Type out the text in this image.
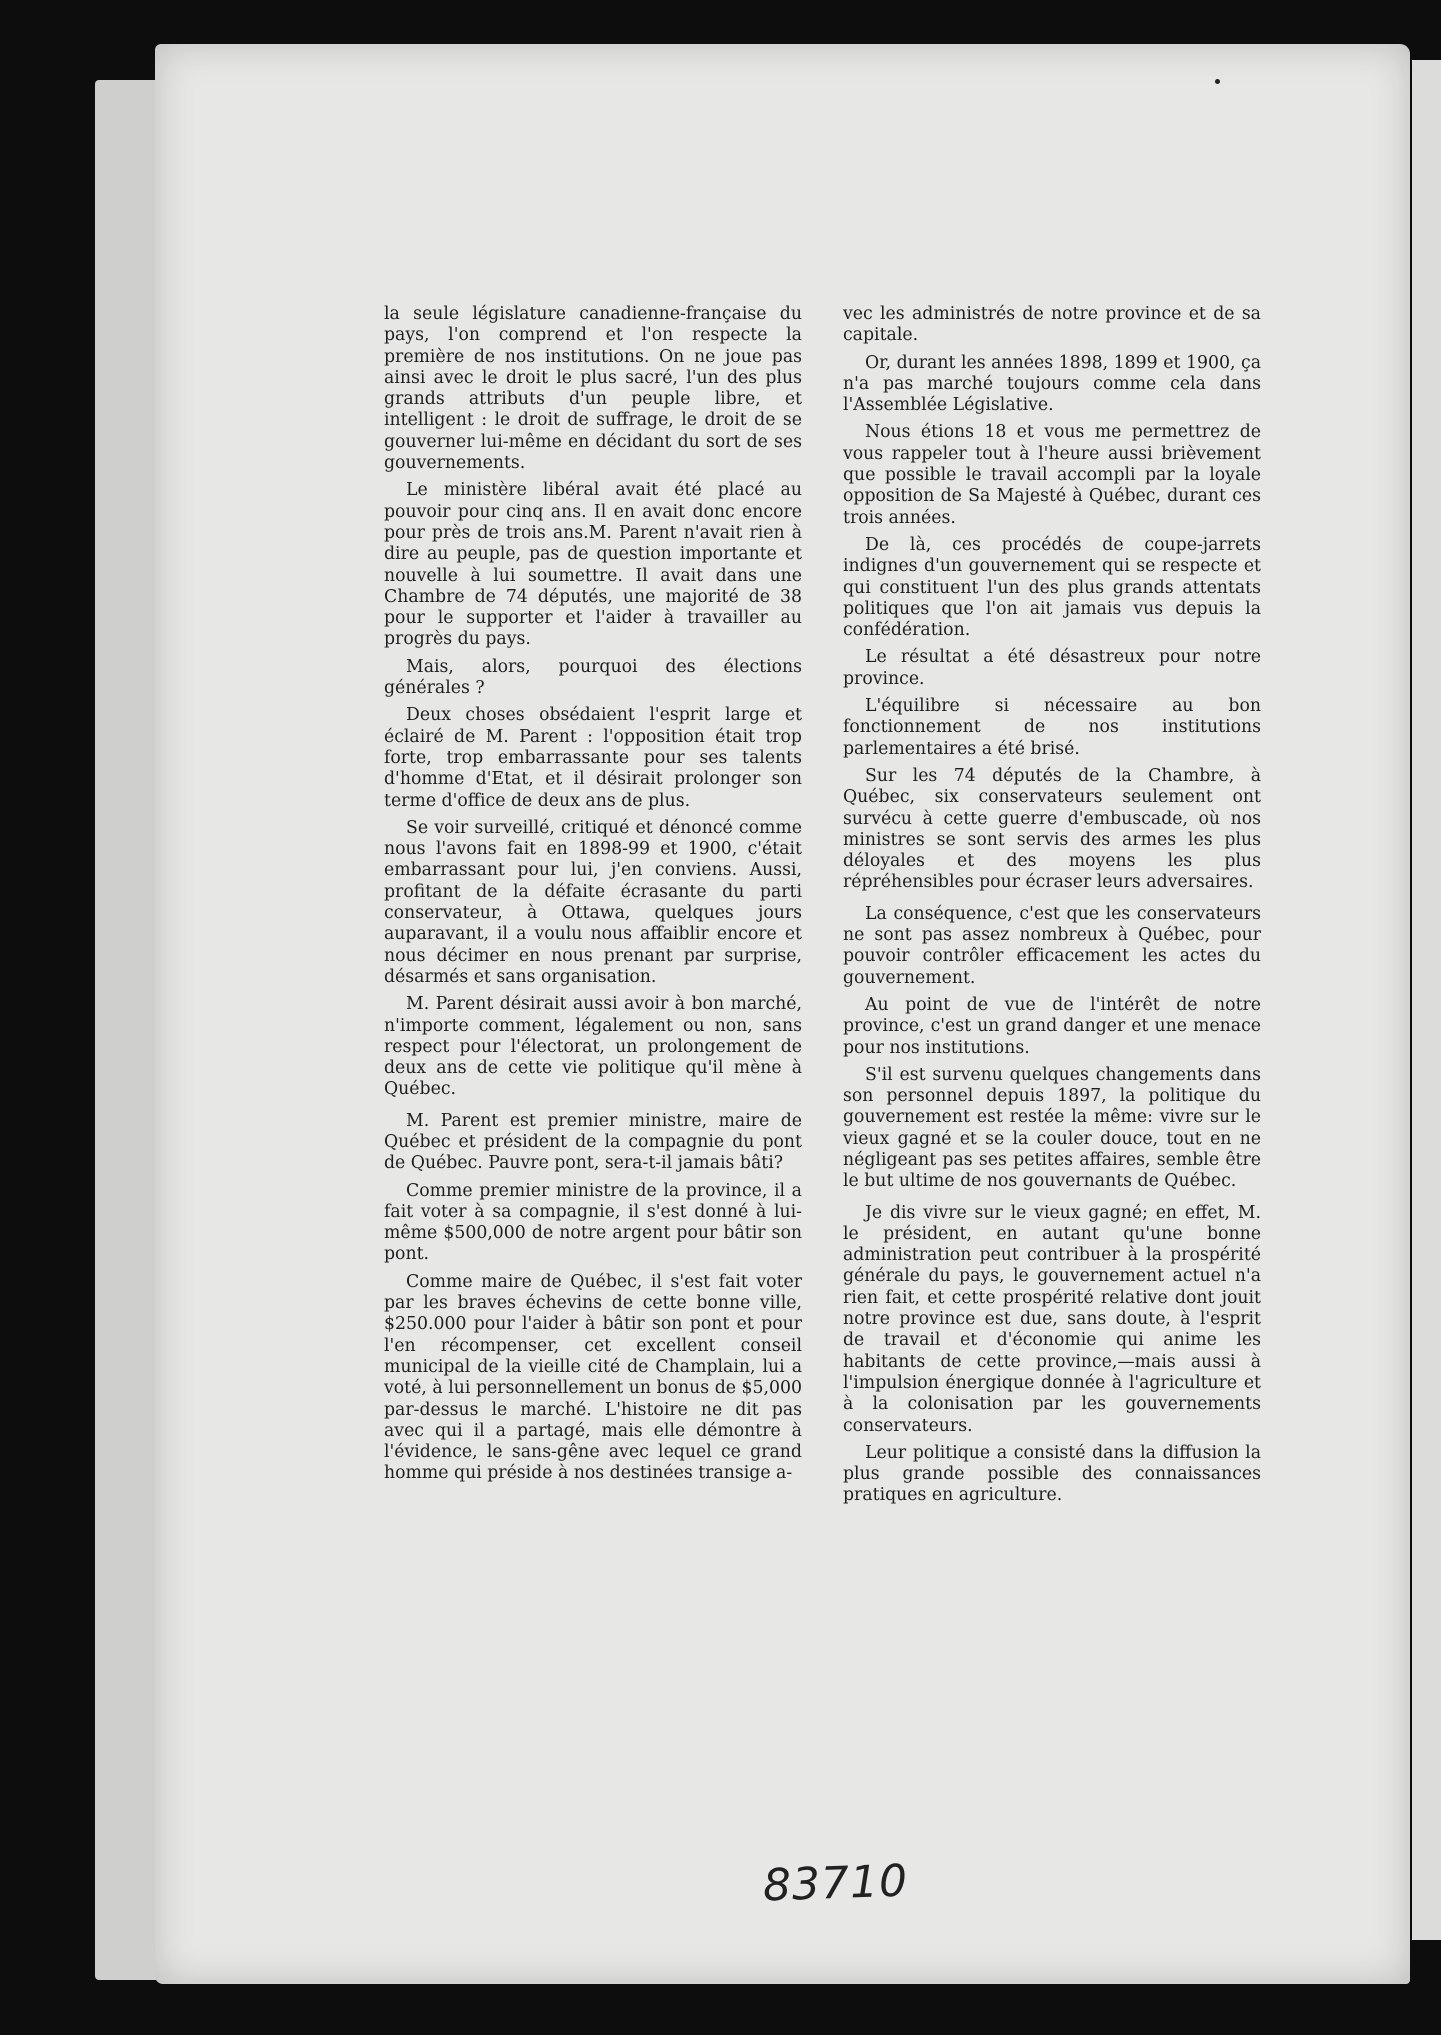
la seule législature canadienne-française du pays, l'on comprend et l'on respecte la première de nos institutions. On ne joue pas ainsi avec le droit le plus sacré, l'un des plus grands attributs d'un peuple libre, et intelligent : le droit de suffrage, le droit de se gouverner lui-même en décidant du sort de ses gouvernements.

Le ministère libéral avait été placé au pouvoir pour cinq ans. Il en avait donc encore pour près de trois ans.M. Parent n'avait rien à dire au peuple, pas de question importante et nouvelle à lui soumettre. Il avait dans une Chambre de 74 députés, une majorité de 38 pour le supporter et l'aider à travailler au progrès du pays.

Mais, alors, pourquoi des élections générales ?

Deux choses obsédaient l'esprit large et éclairé de M. Parent : l'opposition était trop forte, trop embarrassante pour ses talents d'homme d'Etat, et il désirait prolonger son terme d'office de deux ans de plus.

Se voir surveillé, critiqué et dénoncé comme nous l'avons fait en 1898-99 et 1900, c'était embarrassant pour lui, j'en conviens. Aussi, profitant de la défaite écrasante du parti conservateur, à Ottawa, quelques jours auparavant, il a voulu nous affaiblir encore et nous décimer en nous prenant par surprise, désarmés et sans organisation.

M. Parent désirait aussi avoir à bon marché, n'importe comment, légalement ou non, sans respect pour l'électorat, un prolongement de deux ans de cette vie politique qu'il mène à Québec.

M. Parent est premier ministre, maire de Québec et président de la compagnie du pont de Québec. Pauvre pont, sera-t-il jamais bâti?

Comme premier ministre de la province, il a fait voter à sa compagnie, il s'est donné à lui-même $500,000 de notre argent pour bâtir son pont.

Comme maire de Québec, il s'est fait voter par les braves échevins de cette bonne ville, $250.000 pour l'aider à bâtir son pont et pour l'en récompenser, cet excellent conseil municipal de la vieille cité de Champlain, lui a voté, à lui personnellement un bonus de $5,000 par-dessus le marché. L'histoire ne dit pas avec qui il a partagé, mais elle démontre à l'évidence, le sans-gêne avec lequel ce grand homme qui préside à nos destinées transige a-

vec les administrés de notre province et de sa capitale.

Or, durant les années 1898, 1899 et 1900, ça n'a pas marché toujours comme cela dans l'Assemblée Législative.

Nous étions 18 et vous me permettrez de vous rappeler tout à l'heure aussi brièvement que possible le travail accompli par la loyale opposition de Sa Majesté à Québec, durant ces trois années.

De là, ces procédés de coupe-jarrets indignes d'un gouvernement qui se respecte et qui constituent l'un des plus grands attentats politiques que l'on ait jamais vus depuis la confédération.

Le résultat a été désastreux pour notre province.

L'équilibre si nécessaire au bon fonctionnement de nos institutions parlementaires a été brisé.

Sur les 74 députés de la Chambre, à Québec, six conservateurs seulement ont survécu à cette guerre d'embuscade, où nos ministres se sont servis des armes les plus déloyales et des moyens les plus répréhensibles pour écraser leurs adversaires.

La conséquence, c'est que les conservateurs ne sont pas assez nombreux à Québec, pour pouvoir contrôler efficacement les actes du gouvernement.

Au point de vue de l'intérêt de notre province, c'est un grand danger et une menace pour nos institutions.

S'il est survenu quelques changements dans son personnel depuis 1897, la politique du gouvernement est restée la même: vivre sur le vieux gagné et se la couler douce, tout en ne négligeant pas ses petites affaires, semble être le but ultime de nos gouvernants de Québec.

Je dis vivre sur le vieux gagné; en effet, M. le président, en autant qu'une bonne administration peut contribuer à la prospérité générale du pays, le gouvernement actuel n'a rien fait, et cette prospérité relative dont jouit notre province est due, sans doute, à l'esprit de travail et d'économie qui anime les habitants de cette province,—mais aussi à l'impulsion énergique donnée à l'agriculture et à la colonisation par les gouvernements conservateurs.

Leur politique a consisté dans la diffusion la plus grande possible des connaissances pratiques en agriculture.

83710
